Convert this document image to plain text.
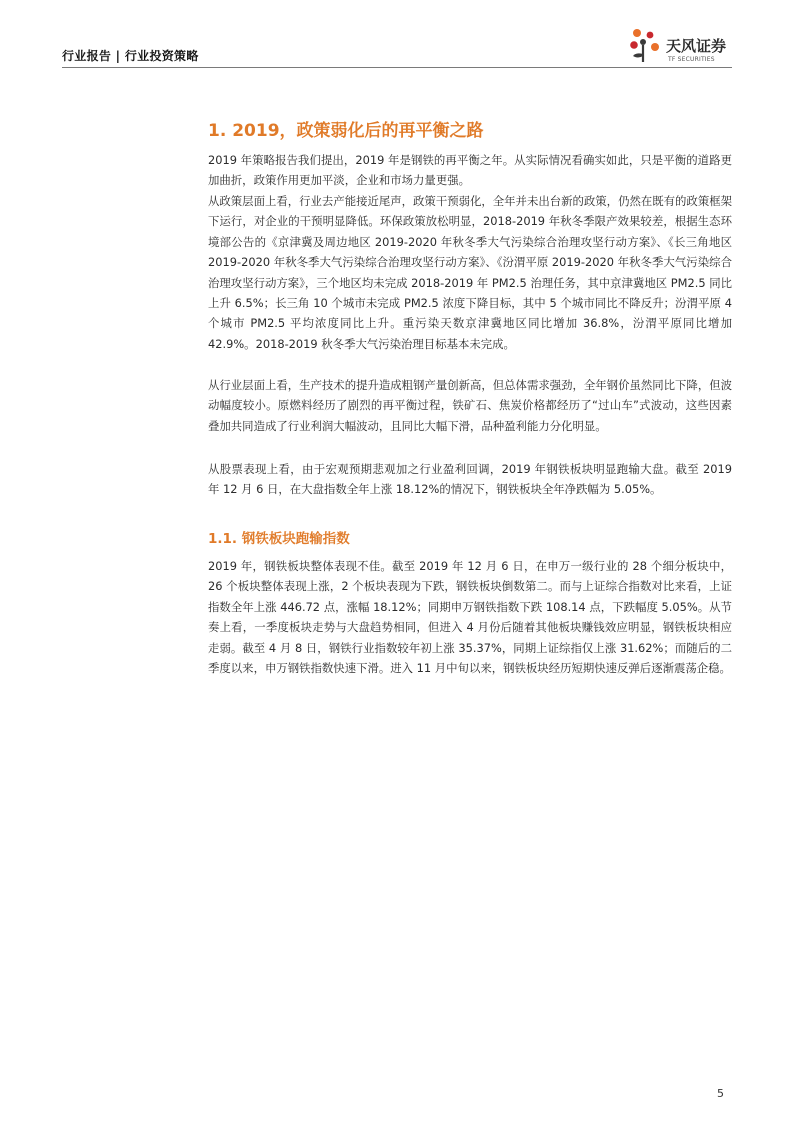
行业报告 | 行业投资策略
天风证券
TF SECURITIES
1. 2019，政策弱化后的再平衡之路

2019 年策略报告我们提出，2019 年是钢铁的再平衡之年。从实际情况看确实如此，只是平衡的道路更加曲折，政策作用更加平淡，企业和市场力量更强。

从政策层面上看，行业去产能接近尾声，政策干预弱化，全年并未出台新的政策，仍然在既有的政策框架下运行，对企业的干预明显降低。环保政策放松明显，2018-2019 年秋冬季限产效果较差，根据生态环境部公告的《京津冀及周边地区 2019-2020 年秋冬季大气污染综合治理攻坚行动方案》、《长三角地区 2019-2020 年秋冬季大气污染综合治理攻坚行动方案》、《汾渭平原 2019-2020 年秋冬季大气污染综合治理攻坚行动方案》，三个地区均未完成 2018-2019 年 PM2.5 治理任务，其中京津冀地区 PM2.5 同比上升 6.5%；长三角 10 个城市未完成 PM2.5 浓度下降目标，其中 5 个城市同比不降反升；汾渭平原 4 个城市 PM2.5 平均浓度同比上升。重污染天数京津冀地区同比增加 36.8%，汾渭平原同比增加 42.9%。2018-2019 秋冬季大气污染治理目标基本未完成。

从行业层面上看，生产技术的提升造成粗钢产量创新高，但总体需求强劲，全年钢价虽然同比下降，但波动幅度较小。原燃料经历了剧烈的再平衡过程，铁矿石、焦炭价格都经历了“过山车”式波动，这些因素叠加共同造成了行业利润大幅波动，且同比大幅下滑，品种盈利能力分化明显。

从股票表现上看，由于宏观预期悲观加之行业盈利回调，2019 年钢铁板块明显跑输大盘。截至 2019 年 12 月 6 日，在大盘指数全年上涨 18.12%的情况下，钢铁板块全年净跌幅为 5.05%。

1.1. 钢铁板块跑输指数

2019 年，钢铁板块整体表现不佳。截至 2019 年 12 月 6 日，在申万一级行业的 28 个细分板块中，26 个板块整体表现上涨，2 个板块表现为下跌，钢铁板块倒数第二。而与上证综合指数对比来看，上证指数全年上涨 446.72 点，涨幅 18.12%；同期申万钢铁指数下跌 108.14 点，下跌幅度 5.05%。从节奏上看，一季度板块走势与大盘趋势相同，但进入 4 月份后随着其他板块赚钱效应明显，钢铁板块相应走弱。截至 4 月 8 日，钢铁行业指数较年初上涨 35.37%，同期上证综指仅上涨 31.62%；而随后的二季度以来，申万钢铁指数快速下滑。进入 11 月中旬以来，钢铁板块经历短期快速反弹后逐渐震荡企稳。

5
